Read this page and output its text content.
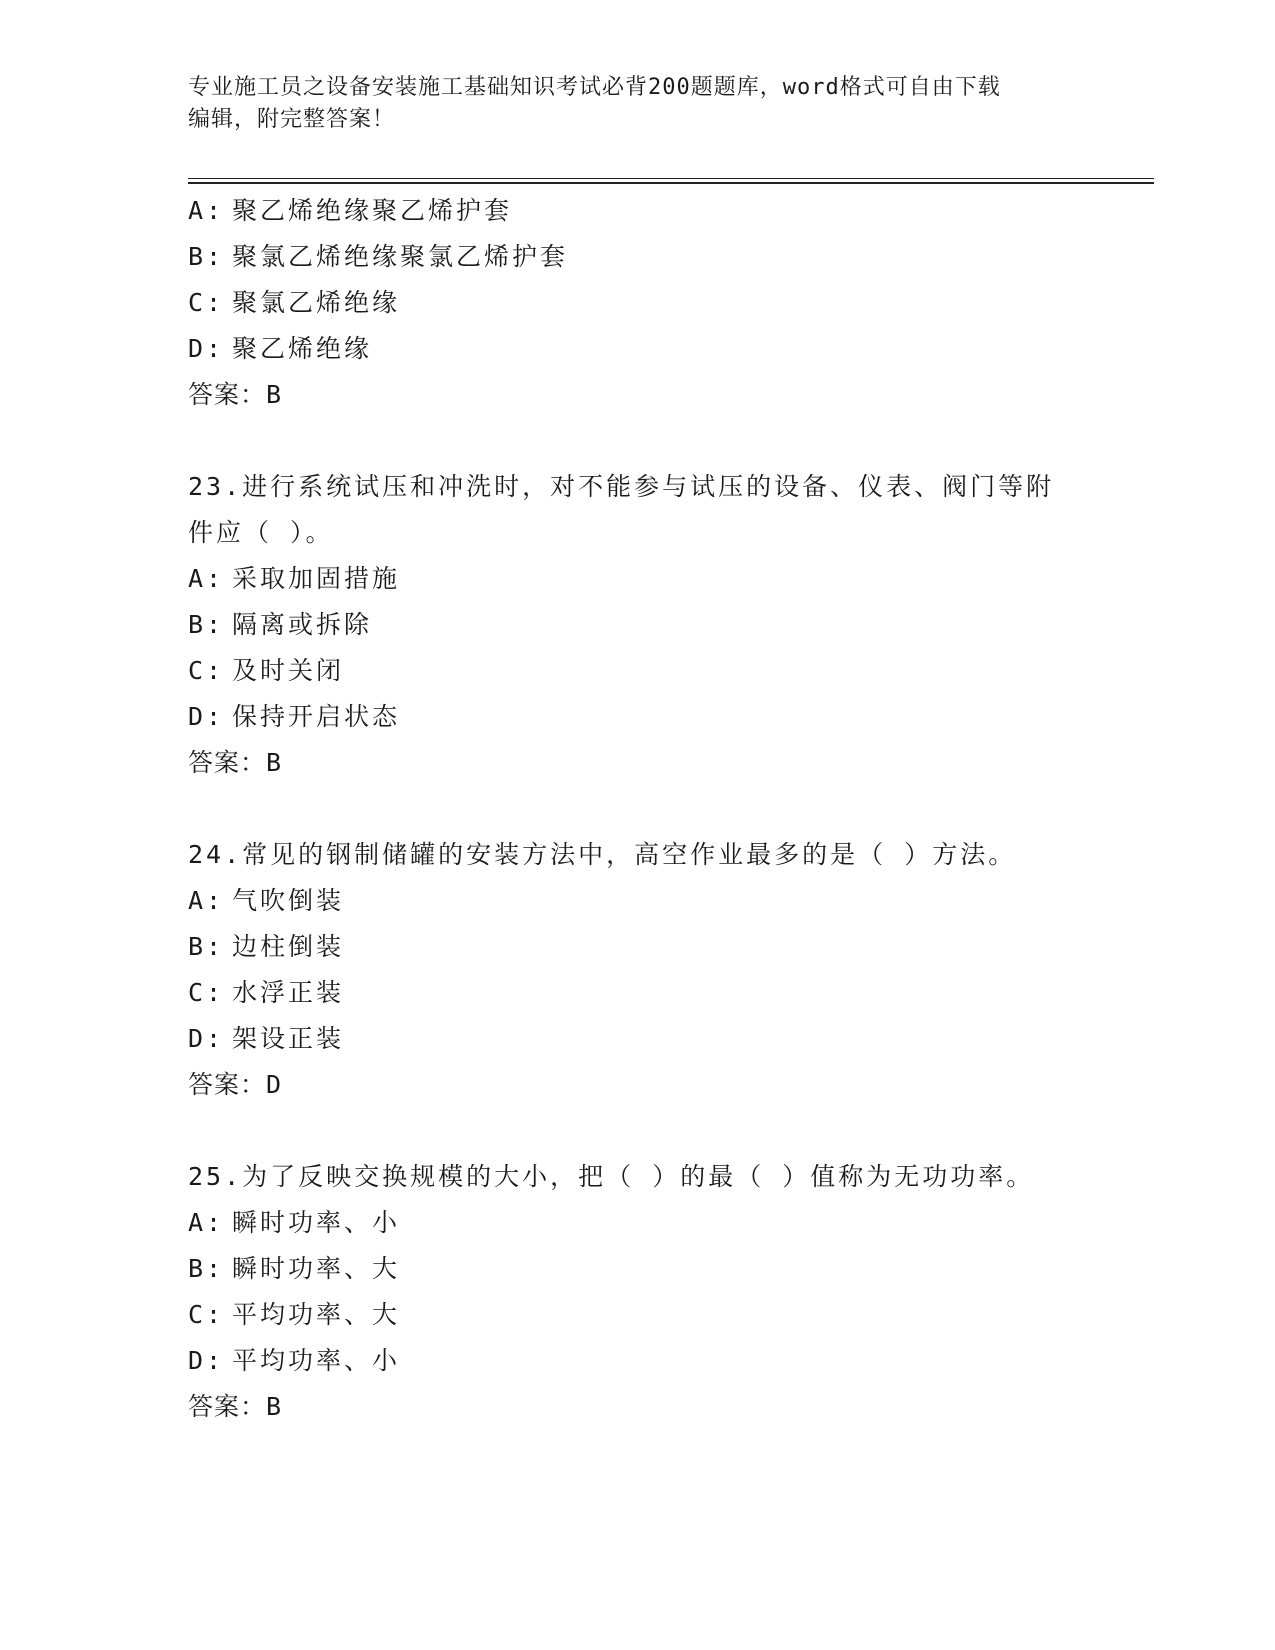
专业施工员之设备安装施工基础知识考试必背200题题库，word格式可自由下载
编辑，附完整答案！
A: 聚乙烯绝缘聚乙烯护套
B: 聚氯乙烯绝缘聚氯乙烯护套
C: 聚氯乙烯绝缘
D: 聚乙烯绝缘
答案：B
23.进行系统试压和冲洗时，对不能参与试压的设备、仪表、阀门等附
件应（ ）。
A: 采取加固措施
B: 隔离或拆除
C: 及时关闭
D: 保持开启状态
答案：B
24.常见的钢制储罐的安装方法中，高空作业最多的是（ ）方法。
A: 气吹倒装
B: 边柱倒装
C: 水浮正装
D: 架设正装
答案：D
25.为了反映交换规模的大小，把（ ）的最（ ）值称为无功功率。
A: 瞬时功率、小
B: 瞬时功率、大
C: 平均功率、大
D: 平均功率、小
答案：B
